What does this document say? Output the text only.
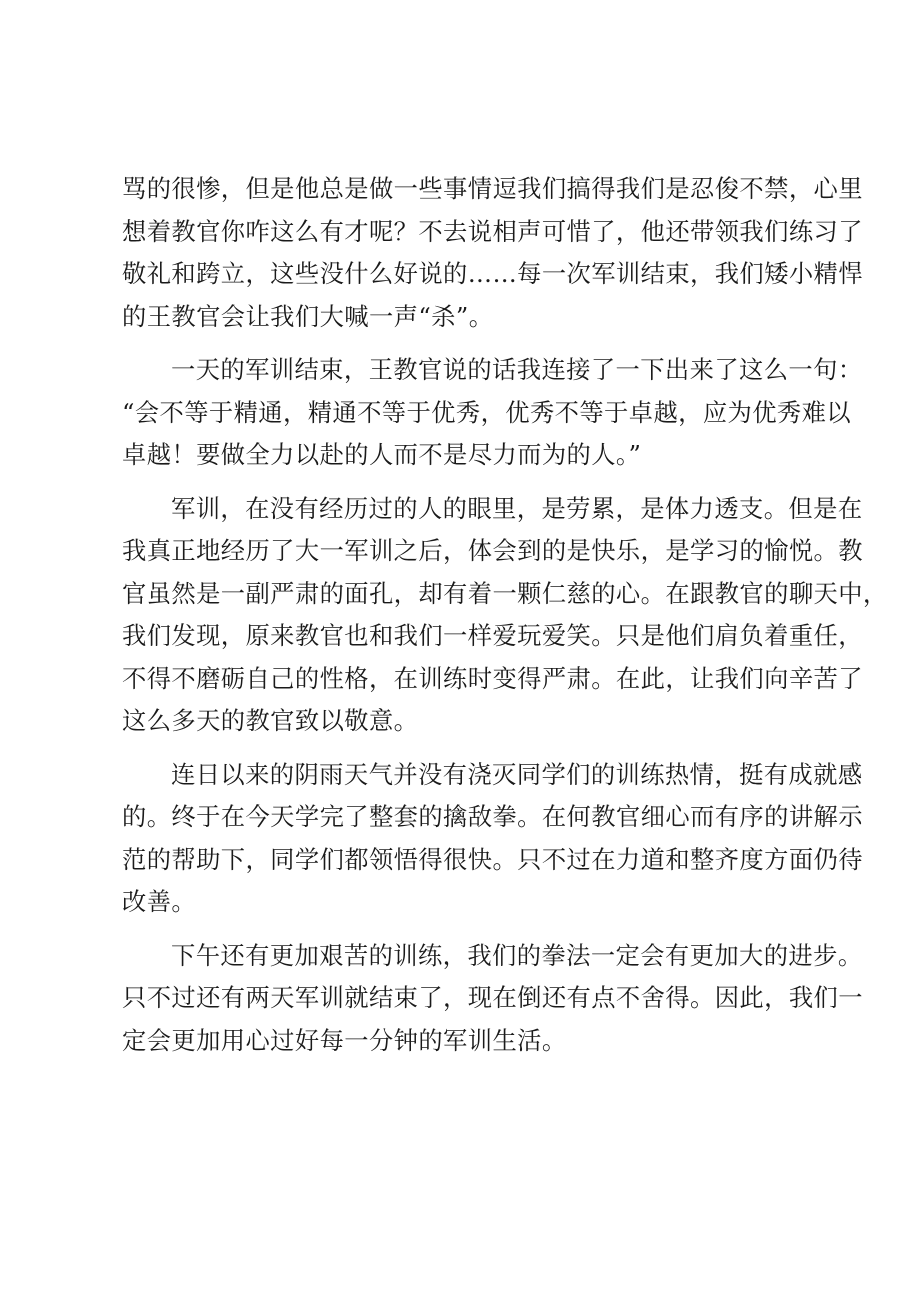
骂的很惨，但是他总是做一些事情逗我们搞得我们是忍俊不禁，心里
想着教官你咋这么有才呢？不去说相声可惜了，他还带领我们练习了
敬礼和跨立，这些没什么好说的……每一次军训结束，我们矮小精悍
的王教官会让我们大喊一声“杀”。

一天的军训结束，王教官说的话我连接了一下出来了这么一句：
“会不等于精通，精通不等于优秀，优秀不等于卓越，应为优秀难以
卓越！要做全力以赴的人而不是尽力而为的人。”

军训，在没有经历过的人的眼里，是劳累，是体力透支。但是在
我真正地经历了大一军训之后，体会到的是快乐，是学习的愉悦。教
官虽然是一副严肃的面孔，却有着一颗仁慈的心。在跟教官的聊天中，
我们发现，原来教官也和我们一样爱玩爱笑。只是他们肩负着重任，
不得不磨砺自己的性格，在训练时变得严肃。在此，让我们向辛苦了
这么多天的教官致以敬意。

连日以来的阴雨天气并没有浇灭同学们的训练热情，挺有成就感
的。终于在今天学完了整套的擒敌拳。在何教官细心而有序的讲解示
范的帮助下，同学们都领悟得很快。只不过在力道和整齐度方面仍待
改善。

下午还有更加艰苦的训练，我们的拳法一定会有更加大的进步。
只不过还有两天军训就结束了，现在倒还有点不舍得。因此，我们一
定会更加用心过好每一分钟的军训生活。
